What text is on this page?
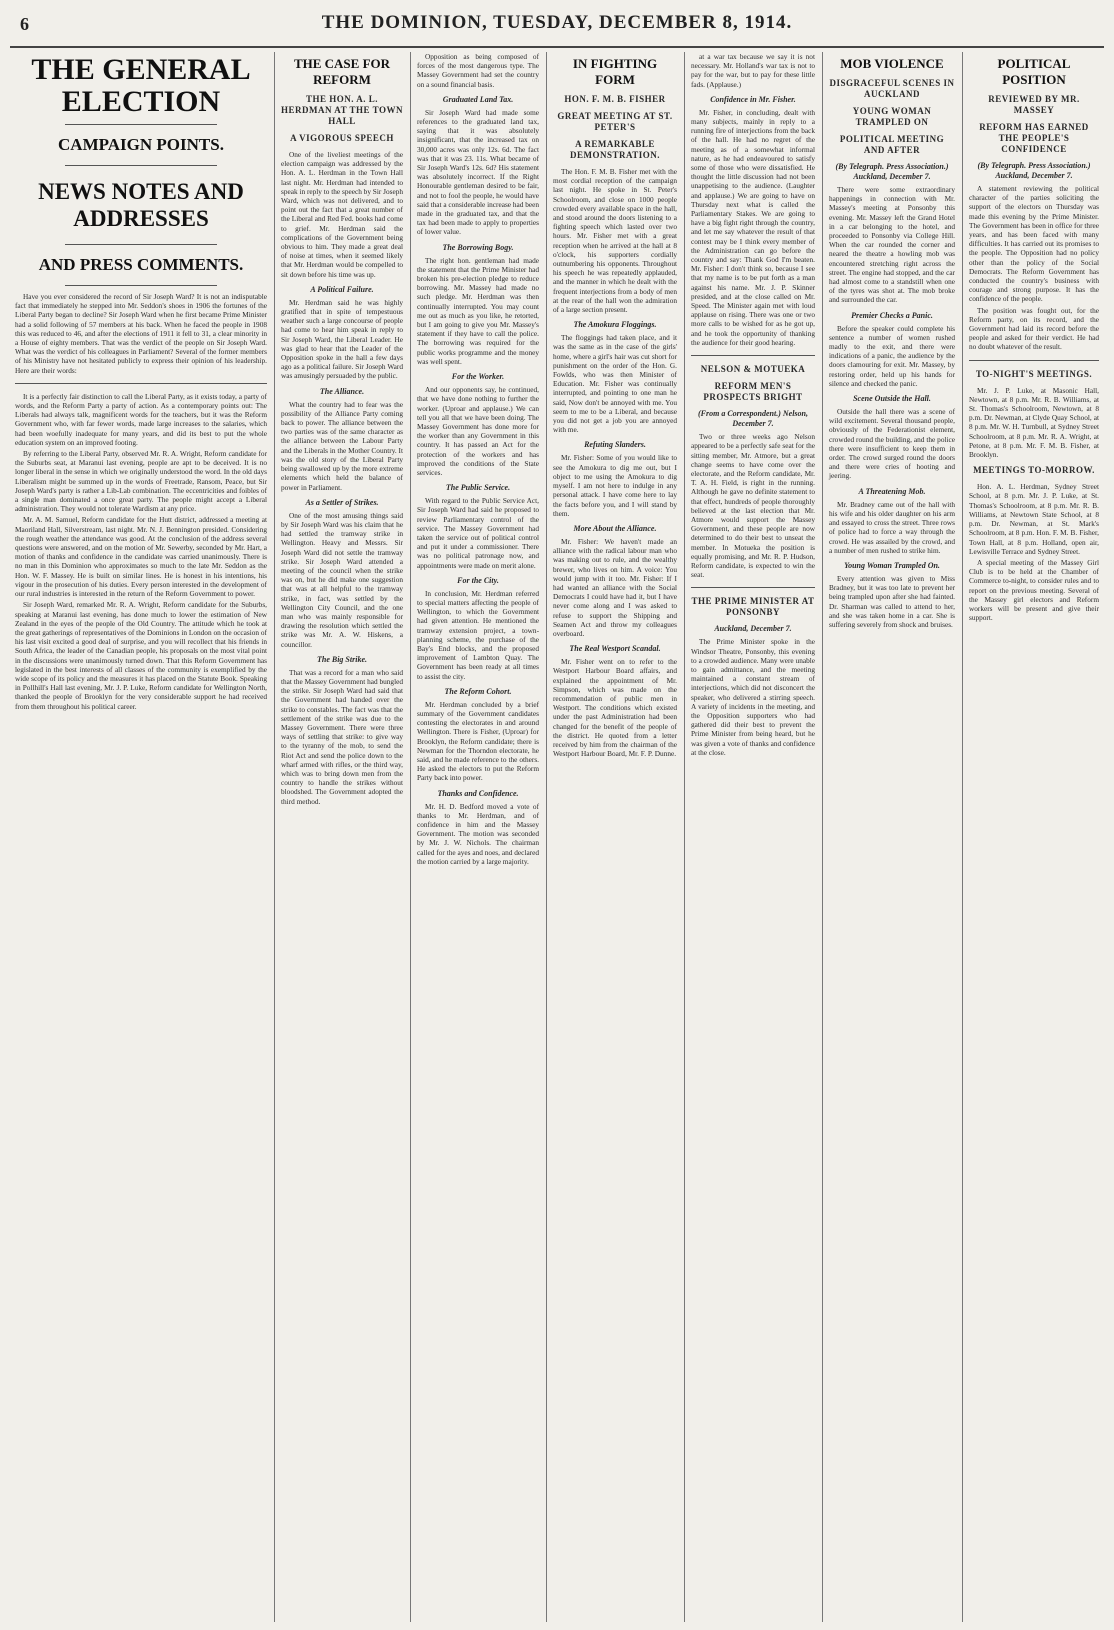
6	THE DOMINION, TUESDAY, DECEMBER 8, 1914.
THE GENERAL ELECTION
CAMPAIGN POINTS.
NEWS NOTES AND ADDRESSES
AND PRESS COMMENTS.

Have you ever considered the record of Sir Joseph Ward? It is not an indisputable fact that immediately he stepped into Mr. Seddon's shoes in 1906 the fortunes of the Liberal Party began to decline? Sir Joseph Ward when he first became Prime Minister had a solid following of 57 members at his back. When he faced the people in 1908 this was reduced to 46, and after the elections of 1911 it fell to 31, a clear minority in a House of eighty members. That was the verdict of the people on Sir Joseph Ward. What was the verdict of his colleagues in Parliament? Several of the former members of his Ministry have not hesitated publicly to express their opinion of his leadership. Here are their words:

It is a perfectly fair distinction to call the Liberal Party, as it exists today, a party of words, and the Reform Party a party of action. As a contemporary points out: The Liberals had always talk, magnificent words for the teachers, but it was the Reform Government who, with far fewer words, made large increases to the salaries, which had been woefully inadequate for many years, and did its best to put the whole education system on an improved footing.

By referring to the Liberal Party, observed Mr. R. A. Wright, Reform candidate for the Suburbs seat, at Maranui last evening, people are apt to be deceived. It is no longer liberal in the sense in which we originally understood the word. In the old days Liberalism might be summed up in the words of Freetrade, Ransom, Peace, but Sir Joseph Ward's party is rather a Lib-Lab combination. The eccentricities and foibles of a single man dominated a once great party. The people might accept a Liberal administration. They would not tolerate Wardism at any price.

Mr. A. M. Samuel, Reform candidate for the Hutt district, addressed a meeting at Maoriland Hall, Silverstream, last night. Mr. N. J. Bennington presided. Considering the rough weather the attendance was good. At the conclusion of the address several questions were answered, and on the motion of Mr. Sewerby, seconded by Mr. Hart, a motion of thanks and confidence in the candidate was carried unanimously. There is no man in this Dominion who approximates so much to the late Mr. Seddon as the Hon. W. F. Massey. He is built on similar lines. He is honest in his intentions, his vigour in the prosecution of his duties. Every person interested in the development of our rural industries is interested in the return of the Reform Government to power.

Sir Joseph Ward, remarked Mr. R. A. Wright, Reform candidate for the Suburbs, speaking at Maranui last evening, has done much to lower the estimation of New Zealand in the eyes of the people of the Old Country. The attitude which he took at the great gatherings of representatives of the Dominions in London on the occasion of his last visit excited a good deal of surprise, and you will recollect that his friends in South Africa, the leader of the Canadian people, his proposals on the most vital point in the discussions were unanimously turned down. That this Reform Government has legislated in the best interests of all classes of the community is exemplified by the wide scope of its policy and the measures it has placed on the Statute Book. Speaking in Pollhill's Hall last evening, Mr. J. P. Luke, Reform candidate for Wellington North, thanked the people of Brooklyn for the very considerable support he had received from them throughout his political career.

THE CASE FOR REFORM
THE HON. A. L. HERDMAN AT THE TOWN HALL
A VIGOROUS SPEECH

One of the liveliest meetings of the election campaign was addressed by the Hon. A. L. Herdman in the Town Hall last night. Mr. Herdman had intended to speak in reply to the speech by Sir Joseph Ward, which was not delivered, and to point out the fact that a great number of the Liberal and Red Fed. books had come to grief. Mr. Herdman said the complications of the Government being obvious to him. They made a great deal of noise at times, when it seemed likely that Mr. Herdman would be compelled to sit down before his time was up.

A Political Failure.

Mr. Herdman said he was highly gratified that in spite of tempestuous weather such a large concourse of people had come to hear him speak in reply to Sir Joseph Ward, the Liberal Leader. He was glad to hear that the Leader of the Opposition spoke in the hall a few days ago as a political failure. Sir Joseph Ward was amusingly persuaded by the public.

The Alliance.

What the country had to fear was the possibility of the Alliance Party coming back to power. The alliance between the two parties was of the same character as the alliance between the Labour Party and the Liberals in the Mother Country. It was the old story of the Liberal Party being swallowed up by the more extreme elements which held the balance of power in Parliament.

As a Settler of Strikes.

One of the most amusing things said by Sir Joseph Ward was his claim that he had settled the tramway strike in Wellington. Heavy and Messrs. Sir Joseph Ward did not settle the tramway strike. Sir Joseph Ward attended a meeting of the council when the strike was on, but he did make one suggestion that was at all helpful to the tramway strike, in fact, was settled by the Wellington City Council, and the one man who was mainly responsible for drawing the resolution which settled the strike was Mr. A. W. Hiskens, a councillor.

The Big Strike.

That was a record for a man who said that the Massey Government had bungled the strike. Sir Joseph Ward had said that the Government had handed over the strike to constables. The fact was that the settlement of the strike was due to the Massey Government. There were three ways of settling that strike: to give way to the tyranny of the mob, to send the Riot Act and send the police down to the wharf armed with rifles, or the third way, which was to bring down men from the country to handle the strikes without bloodshed. The Government adopted the third method.

Opposition as being composed of forces of the most dangerous type. The Massey Government had set the country on a sound financial basis.

Graduated Land Tax.

Sir Joseph Ward had made some references to the graduated land tax, saying that it was absolutely insignificant, that the increased tax on 30,000 acres was only 12s. 6d. The fact was that it was 23. 11s. What became of Sir Joseph Ward's 12s. 6d? His statement was absolutely incorrect. If the Right Honourable gentleman desired to be fair, and not to fool the people, he would have said that a considerable increase had been made in the graduated tax, and that the tax had been made to apply to properties of lower value.

The Borrowing Bogy.

The right hon. gentleman had made the statement that the Prime Minister had broken his pre-election pledge to reduce borrowing. Mr. Massey had made no such pledge. Mr. Herdman was then continually interrupted. You may count me out as much as you like, he retorted, but I am going to give you Mr. Massey's statement if they have to call the police. The borrowing was required for the public works programme and the money was well spent.

For the Worker.

And our opponents say, he continued, that we have done nothing to further the worker. (Uproar and applause.) We can tell you all that we have been doing. The Massey Government has done more for the worker than any Government in this country. It has passed an Act for the protection of the workers and has improved the conditions of the State services.

The Public Service.

With regard to the Public Service Act, Sir Joseph Ward had said he proposed to review Parliamentary control of the service. The Massey Government had taken the service out of political control and put it under a commissioner. There was no political patronage now, and appointments were made on merit alone.

For the City.

In conclusion, Mr. Herdman referred to special matters affecting the people of Wellington, to which the Government had given attention. He mentioned the tramway extension project, a town-planning scheme, the purchase of the Bay's End blocks, and the proposed improvement of Lambton Quay. The Government has been ready at all times to assist the city.

The Reform Cohort.

Mr. Herdman concluded by a brief summary of the Government candidates contesting the electorates in and around Wellington. There is Fisher, (Uproar) for Brooklyn, the Reform candidate; there is Newman for the Thorndon electorate, he said, and he made reference to the others. He asked the electors to put the Reform Party back into power.

Thanks and Confidence.

Mr. H. D. Bedford moved a vote of thanks to Mr. Herdman, and of confidence in him and the Massey Government. The motion was seconded by Mr. J. W. Nichols. The chairman called for the ayes and noes, and declared the motion carried by a large majority.

IN FIGHTING FORM
HON. F. M. B. FISHER
GREAT MEETING AT ST. PETER'S
A REMARKABLE DEMONSTRATION.

The Hon. F. M. B. Fisher met with the most cordial reception of the campaign last night. He spoke in St. Peter's Schoolroom, and close on 1000 people crowded every available space in the hall, and stood around the doors listening to a fighting speech which lasted over two hours. Mr. Fisher met with a great reception when he arrived at the hall at 8 o'clock, his supporters cordially outnumbering his opponents. Throughout his speech he was repeatedly applauded, and the manner in which he dealt with the frequent interjections from a body of men at the rear of the hall won the admiration of a large section present.

The Amokura Floggings.

The floggings had taken place, and it was the same as in the case of the girls' home, where a girl's hair was cut short for punishment on the order of the Hon. G. Fowlds, who was then Minister of Education. Mr. Fisher was continually interrupted, and pointing to one man he said, Now don't be annoyed with me. You seem to me to be a Liberal, and because you did not get a job you are annoyed with me.

Refuting Slanders.

Mr. Fisher: Some of you would like to see the Amokura to dig me out, but I object to me using the Amokura to dig myself. I am not here to indulge in any personal attack. I have come here to lay the facts before you, and I will stand by them.

More About the Alliance.

Mr. Fisher: We haven't made an alliance with the radical labour man who was making out to rule, and the wealthy brewer, who lives on him. A voice: You would jump with it too. Mr. Fisher: If I had wanted an alliance with the Social Democrats I could have had it, but I have never come along and I was asked to refuse to support the Shipping and Seamen Act and throw my colleagues overboard.

The Real Westport Scandal.

Mr. Fisher went on to refer to the Westport Harbour Board affairs, and explained the appointment of Mr. Simpson, which was made on the recommendation of public men in Westport. The conditions which existed under the past Administration had been changed for the benefit of the people of the district. He quoted from a letter received by him from the chairman of the Westport Harbour Board, Mr. F. P. Dunne.

at a war tax because we say it is not necessary. Mr. Holland's war tax is not to pay for the war, but to pay for these little fads. (Applause.)

Confidence in Mr. Fisher.

Mr. Fisher, in concluding, dealt with many subjects, mainly in reply to a running fire of interjections from the back of the hall. He had no regret of the meeting as of a somewhat informal nature, as he had endeavoured to satisfy some of those who were dissatisfied. He thought the little discussion had not been unappetising to the audience. (Laughter and applause.) We are going to have on Thursday next what is called the Parliamentary Stakes. We are going to have a big fight right through the country, and let me say whatever the result of that contest may be I think every member of the Administration can go before the country and say: Thank God I'm beaten. Mr. Fisher: I don't think so, because I see that my name is to be put forth as a man against his name. Mr. J. P. Skinner presided, and at the close called on Mr. Speed. The Minister again met with loud applause on rising. There was one or two more calls to be wished for as he got up, and he took the opportunity of thanking the audience for their good hearing.

NELSON & MOTUEKA
REFORM MEN'S PROSPECTS BRIGHT
(From a Correspondent.) Nelson, December 7.

Two or three weeks ago Nelson appeared to be a perfectly safe seat for the sitting member, Mr. Atmore, but a great change seems to have come over the electorate, and the Reform candidate, Mr. T. A. H. Field, is right in the running. Although he gave no definite statement to that effect, hundreds of people thoroughly believed at the last election that Mr. Atmore would support the Massey Government, and these people are now determined to do their best to unseat the member. In Motueka the position is equally promising, and Mr. R. P. Hudson, Reform candidate, is expected to win the seat.

THE PRIME MINISTER AT PONSONBY
Auckland, December 7.

The Prime Minister spoke in the Windsor Theatre, Ponsonby, this evening to a crowded audience. Many were unable to gain admittance, and the meeting maintained a constant stream of interjections, which did not disconcert the speaker, who delivered a stirring speech. A variety of incidents in the meeting, and the Opposition supporters who had gathered did their best to prevent the Prime Minister from being heard, but he was given a vote of thanks and confidence at the close.

MOB VIOLENCE
DISGRACEFUL SCENES IN AUCKLAND
YOUNG WOMAN TRAMPLED ON
POLITICAL MEETING AND AFTER
(By Telegraph. Press Association.) Auckland, December 7.

There were some extraordinary happenings in connection with Mr. Massey's meeting at Ponsonby this evening. Mr. Massey left the Grand Hotel in a car belonging to the hotel, and proceeded to Ponsonby via College Hill. When the car rounded the corner and neared the theatre a howling mob was encountered stretching right across the street. The engine had stopped, and the car had almost come to a standstill when one of the tyres was shot at. The mob broke and surrounded the car.

Premier Checks a Panic.

Before the speaker could complete his sentence a number of women rushed madly to the exit, and there were indications of a panic, the audience by the doors clamouring for exit. Mr. Massey, by restoring order, held up his hands for silence and checked the panic.

Scene Outside the Hall.

Outside the hall there was a scene of wild excitement. Several thousand people, obviously of the Federationist element, crowded round the building, and the police there were insufficient to keep them in order. The crowd surged round the doors and there were cries of hooting and jeering.

A Threatening Mob.

Mr. Bradney came out of the hall with his wife and his older daughter on his arm and essayed to cross the street. Three rows of police had to force a way through the crowd. He was assailed by the crowd, and a number of men rushed to strike him.

Young Woman Trampled On.

Every attention was given to Miss Bradney, but it was too late to prevent her being trampled upon after she had fainted. Dr. Sharman was called to attend to her, and she was taken home in a car. She is suffering severely from shock and bruises.

POLITICAL POSITION
REVIEWED BY MR. MASSEY
REFORM HAS EARNED THE PEOPLE'S CONFIDENCE
(By Telegraph. Press Association.) Auckland, December 7.

A statement reviewing the political character of the parties soliciting the support of the electors on Thursday was made this evening by the Prime Minister. The Government has been in office for three years, and has been faced with many difficulties. It has carried out its promises to the people. The Opposition had no policy other than the policy of the Social Democrats. The Reform Government has conducted the country's business with courage and strong purpose. It has the confidence of the people.

The position was fought out, for the Reform party, on its record, and the Government had laid its record before the people and asked for their verdict. He had no doubt whatever of the result.

TO-NIGHT'S MEETINGS.

Mr. J. P. Luke, at Masonic Hall, Newtown, at 8 p.m. Mr. R. B. Williams, at St. Thomas's Schoolroom, Newtown, at 8 p.m. Dr. Newman, at Clyde Quay School, at 8 p.m. Mr. W. H. Turnbull, at Sydney Street Schoolroom, at 8 p.m. Mr. R. A. Wright, at Petone, at 8 p.m. Mr. F. M. B. Fisher, at Brooklyn.

MEETINGS TO-MORROW.

Hon. A. L. Herdman, Sydney Street School, at 8 p.m. Mr. J. P. Luke, at St. Thomas's Schoolroom, at 8 p.m. Mr. R. B. Williams, at Newtown State School, at 8 p.m. Dr. Newman, at St. Mark's Schoolroom, at 8 p.m. Hon. F. M. B. Fisher, Town Hall, at 8 p.m. Holland, open air, Lewisville Terrace and Sydney Street.

A special meeting of the Massey Girl Club is to be held at the Chamber of Commerce to-night, to consider rules and to report on the previous meeting. Several of the Massey girl electors and Reform workers will be present and give their support.
